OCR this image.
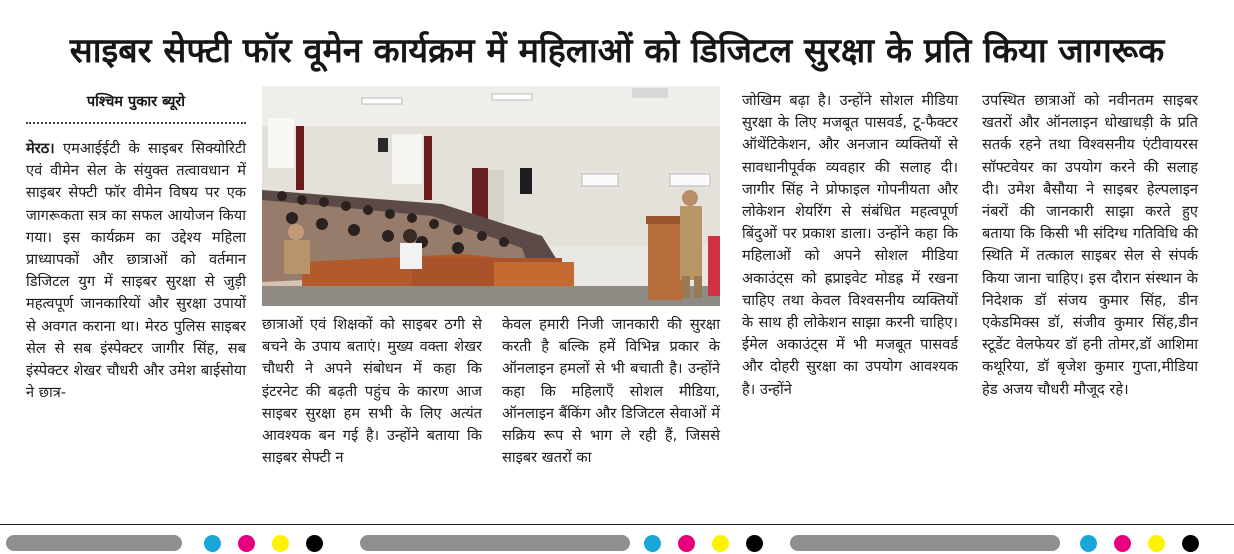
साइबर सेफ्टी फॉर वूमेन कार्यक्रम में महिलाओं को डिजिटल सुरक्षा के प्रति किया जागरूक
पश्चिम पुकार ब्यूरो

मेरठ। एमआईईटी के साइबर सिक्योरिटी एवं वीमेन सेल के संयुक्त तत्वावधान में साइबर सेफ्टी फॉर वीमेन विषय पर एक जागरूकता सत्र का सफल आयोजन किया गया। इस कार्यक्रम का उद्देश्य महिला प्राध्यापकों और छात्राओं को वर्तमान डिजिटल युग में साइबर सुरक्षा से जुड़ी महत्वपूर्ण जानकारियों और सुरक्षा उपायों से अवगत कराना था। मेरठ पुलिस साइबर सेल से सब इंस्पेक्टर जागीर सिंह, सब इंस्पेक्टर शेखर चौधरी और उमेश बाईसोया ने छात्र-

छात्राओं एवं शिक्षकों को साइबर ठगी से बचने के उपाय बताएं। मुख्य वक्ता शेखर चौधरी ने अपने संबोधन में कहा कि इंटरनेट की बढ़ती पहुंच के कारण आज साइबर सुरक्षा हम सभी के लिए अत्यंत आवश्यक बन गई है। उन्होंने बताया कि साइबर सेफ्टी न

केवल हमारी निजी जानकारी की सुरक्षा करती है बल्कि हमें विभिन्न प्रकार के ऑनलाइन हमलों से भी बचाती है। उन्होंने कहा कि महिलाएँ सोशल मीडिया, ऑनलाइन बैंकिंग और डिजिटल सेवाओं में सक्रिय रूप से भाग ले रही हैं, जिससे साइबर खतरों का

जोखिम बढ़ा है। उन्होंने सोशल मीडिया सुरक्षा के लिए मजबूत पासवर्ड, टू-फैक्टर ऑथेंटिकेशन, और अनजान व्यक्तियों से सावधानीपूर्वक व्यवहार की सलाह दी। जागीर सिंह ने प्रोफाइल गोपनीयता और लोकेशन शेयरिंग से संबंधित महत्वपूर्ण बिंदुओं पर प्रकाश डाला। उन्होंने कहा कि महिलाओं को अपने सोशल मीडिया अकाउंट्स को ह्रप्राइवेट मोडह्र में रखना चाहिए तथा केवल विश्वसनीय व्यक्तियों के साथ ही लोकेशन साझा करनी चाहिए। ईमेल अकाउंट्स में भी मजबूत पासवर्ड और दोहरी सुरक्षा का उपयोग आवश्यक है। उन्होंने

उपस्थित छात्राओं को नवीनतम साइबर खतरों और ऑनलाइन धोखाधड़ी के प्रति सतर्क रहने तथा विश्वसनीय एंटीवायरस सॉफ्टवेयर का उपयोग करने की सलाह दी। उमेश बैसौया ने साइबर हेल्पलाइन नंबरों की जानकारी साझा करते हुए बताया कि किसी भी संदिग्ध गतिविधि की स्थिति में तत्काल साइबर सेल से संपर्क किया जाना चाहिए। इस दौरान संस्थान के निदेशक डॉ संजय कुमार सिंह, डीन एकेडमिक्स डॉ, संजीव कुमार सिंह,डीन स्टूडेंट वेलफेयर डॉ हनी तोमर,डॉ आशिमा कथूरिया, डॉ बृजेश कुमार गुप्ता,मीडिया हेड अजय चौधरी मौजूद रहे।
